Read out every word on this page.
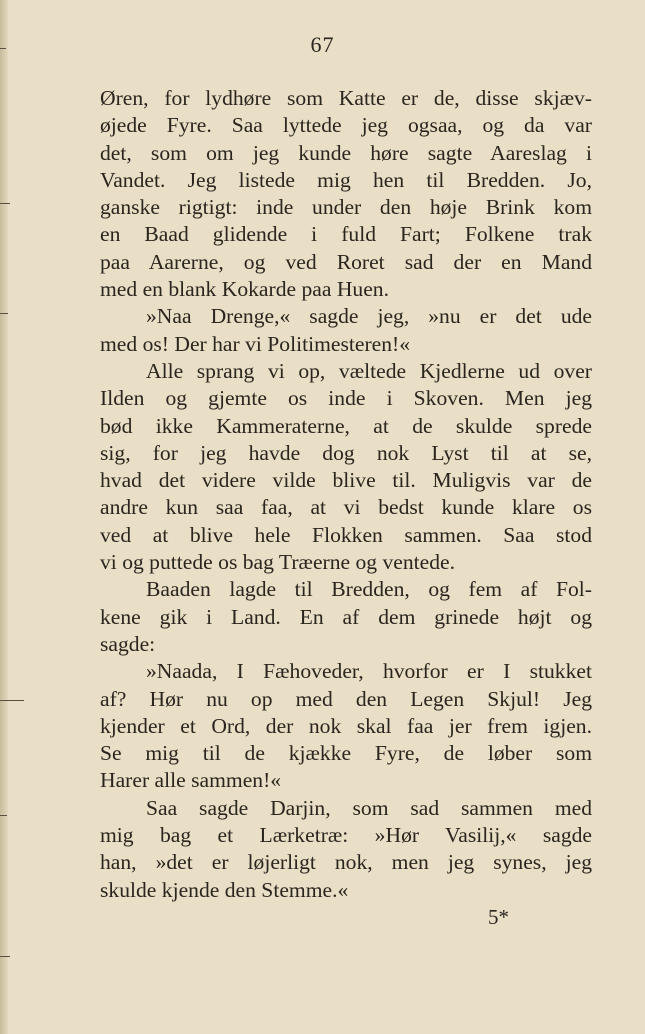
67
Øren, for lydhøre som Katte er de, disse skjæv-
øjede Fyre. Saa lyttede jeg ogsaa, og da var
det, som om jeg kunde høre sagte Aareslag i
Vandet. Jeg listede mig hen til Bredden. Jo,
ganske rigtigt: inde under den høje Brink kom
en Baad glidende i fuld Fart; Folkene trak
paa Aarerne, og ved Roret sad der en Mand
med en blank Kokarde paa Huen.
»Naa Drenge,« sagde jeg, »nu er det ude
med os! Der har vi Politimesteren!«
Alle sprang vi op, væltede Kjedlerne ud over
Ilden og gjemte os inde i Skoven. Men jeg
bød ikke Kammeraterne, at de skulde sprede
sig, for jeg havde dog nok Lyst til at se,
hvad det videre vilde blive til. Muligvis var de
andre kun saa faa, at vi bedst kunde klare os
ved at blive hele Flokken sammen. Saa stod
vi og puttede os bag Træerne og ventede.
Baaden lagde til Bredden, og fem af Fol-
kene gik i Land. En af dem grinede højt og
sagde:
»Naada, I Fæhoveder, hvorfor er I stukket
af? Hør nu op med den Legen Skjul! Jeg
kjender et Ord, der nok skal faa jer frem igjen.
Se mig til de kjække Fyre, de løber som
Harer alle sammen!«
Saa sagde Darjin, som sad sammen med
mig bag et Lærketræ: »Hør Vasilij,« sagde
han, »det er løjerligt nok, men jeg synes, jeg
skulde kjende den Stemme.«
5*
